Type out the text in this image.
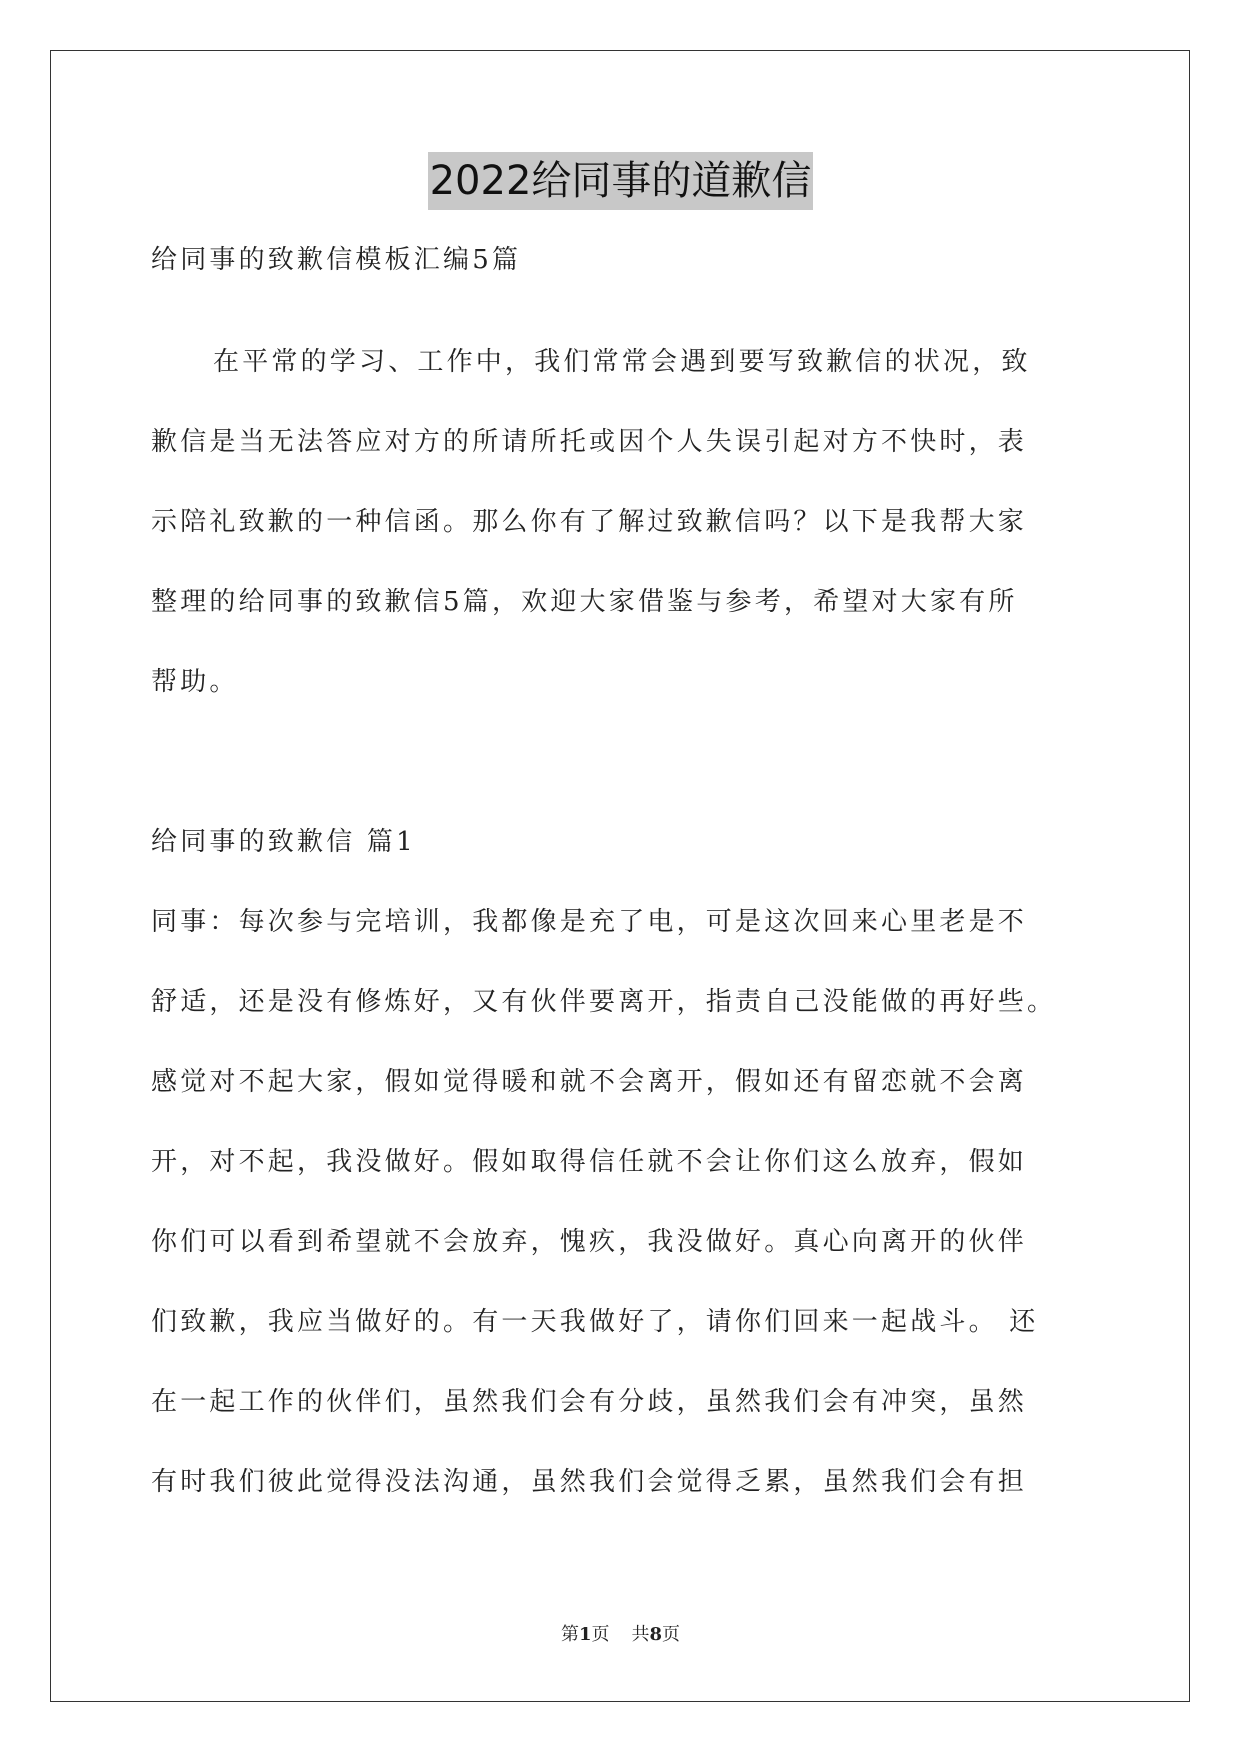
2022给同事的道歉信
给同事的致歉信模板汇编5篇
在平常的学习、工作中，我们常常会遇到要写致歉信的状况，致
歉信是当无法答应对方的所请所托或因个人失误引起对方不快时，表
示陪礼致歉的一种信函。那么你有了解过致歉信吗？以下是我帮大家
整理的给同事的致歉信5篇，欢迎大家借鉴与参考，希望对大家有所
帮助。
给同事的致歉信 篇1
同事：每次参与完培训，我都像是充了电，可是这次回来心里老是不
舒适，还是没有修炼好，又有伙伴要离开，指责自己没能做的再好些。
感觉对不起大家，假如觉得暖和就不会离开，假如还有留恋就不会离
开，对不起，我没做好。假如取得信任就不会让你们这么放弃，假如
你们可以看到希望就不会放弃，愧疚，我没做好。真心向离开的伙伴
们致歉，我应当做好的。有一天我做好了，请你们回来一起战斗。 还
在一起工作的伙伴们，虽然我们会有分歧，虽然我们会有冲突，虽然
有时我们彼此觉得没法沟通，虽然我们会觉得乏累，虽然我们会有担
第1页 共8页
